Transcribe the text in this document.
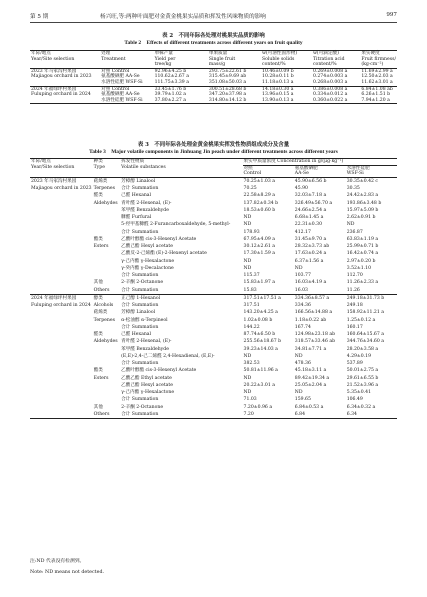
第 5 期	杨兴旺,等:两种叶面肥对金黄金桃果实品质和挥发性风味物质的影响	997
表 2　不同年际各处理对桃果实品质的影响
Table 2　Effects of different treatments across different years on fruit quality
年际/地点	处理	单株产量	单果质量	w(可溶性固形物)	w(可滴定酸)	果实硬度
Year/Site selection	Treatment	Yield per	Single fruit	Soluble solids	Titration acid	Fruit firmness/
		tree/kg	mass/g	content/%	content/%	(kg·cm⁻²)
2023 年马家沟村果园	对照 Control	92.96±4.25 b	293.75±22.61 b	10.46±0.09 b	0.269±0.008 a	11.69±2.99 a
Majiagou orchard in 2023	氨基酸硒肥 AA-Se	110.62±2.67 a	315.45±9.69 ab	10.28±0.11 b	0.274±0.003 a	12.50±2.03 a
	水溶性硅肥 WSF-Si	111.75±3.39 a	351.08±50.03 a	11.18±0.13 a	0.268±0.003 a	11.62±3.01 a
2024 年福绿坪村果园	对照 Control	33.45±1.76 b	300.51±28.68 b	14.18±0.30 a	0.386±0.008 a	6.84±1.08 ab
Fuluping orchard in 2024	氨基酸硒肥 AA-Se	39.79±1.02 a	347.20±37.98 a	13.96±0.15 a	0.334±0.012 a	6.26±1.51 b
	水溶性硅肥 WSF-Si	37.80±2.27 a	314.80±14.12 b	13.90±0.13 a	0.360±0.022 a	7.94±1.20 a
表 3　不同年际各处理金黄金桃果实挥发性物质组成成分及含量
Table 3　Major volatile components in Jinhuang Jin peach under different treatments across different years
年际/地点	种类	挥发性物质	果实中质量浓度 Concentration in g/(μg·kg⁻¹)		
Year/Site selection	Type	Volatile substances	对照	氨基酸硒肥	水溶性硅肥
			Control	AA-Se	WSF-Si
2023 年马家沟村果园	萜烯类	芳樟醇 Linalool	70.25±1.03 a	45.90±6.56 b	30.35±0.42 c
Majiagou orchard in 2023	Terpenes	合计 Summation	70.25	45.90	30.35
	醛类	己醛 Hexanal	22.58±8.29 a	32.03±7.18 a	24.42±2.83 a
	Aldehydes	青叶醛 2-Hexenal, (E)-	137.82±0.34 b	326.49±56.70 a	193.86±3.48 b
		苯甲醛 Benzaldehyde	18.53±0.60 b	24.66±2.54 a	15.97±5.09 b
		糠醛 Furfural	ND	6.68±1.45 a	2.62±0.91 b
		5-羟甲基糠醛 2-Furancarboxaldehyde, 5-methyl-	ND	22.31±0.30	ND
		合计 Summation	178.93	412.17	236.87
	酯类	乙酸叶醇酯 cis-3-Hexenyl Acetate	67.95±4.09 a	31.45±9.70 a	63.83±1.19 a
	Esters	乙酸己酯 Hexyl acetate	30.12±2.61 a	28.32±3.73 ab	25.99±0.71 b
		乙酸反-2-己烯酯 (E)-2-Hexenyl acetate	17.30±1.59 a	17.63±0.24 a	16.42±0.74 a
		γ-己内酯 γ-Hexalactone	ND	6.37±1.56 a	2.97±0.20 b
		γ-癸内酯 γ-Decalactone	ND	ND	3.52±1.10
		合计 Summation	115.37	103.77	112.70
	其他	2-辛酮 2-Octanone	15.83±1.97 a	16.03±4.19 a	11.26±2.33 a
	Others	合计 Summation	15.83	16.03	11.26
2024 年福绿坪村果园	醇类	正己醇 1-Hexanol	317.51±17.51 a	334.36±8.57 a	249.18±31.73 b
Fuluping orchard in 2024	Alcohols	合计 Summation	317.51	334.36	249.18
	萜烯类	芳樟醇 Linalool	143.20±4.25 a	166.56±14.88 a	158.92±11.21 a
	Terpenes	α-松油醇 α-Terpineol	1.02±0.08 b	1.18±0.22 ab	1.25±0.12 a
		合计 Summation	144.22	167.74	160.17
	醛类	己醛 Hexanal	87.74±6.50 b	124.98±23.18 ab	160.64±15.67 a
	Aldehydes	青叶醛 2-Hexenal, (E)-	255.56±18.67 b	318.57±33.46 ab	344.76±34.60 a
		苯甲醛 Benzaldehyde	39.23±14.03 a	34.81±7.71 a	28.20±3.58 a
		(E,E)-2,4-己二烯醛 2,4-Hexadienal, (E,E)-	ND	ND	4.29±0.19
		合计 Summation	382.53	478.36	537.89
	酯类	乙酸叶醇酯 cis-3-Hexenyl Acetate	50.81±11.96 a	45.18±3.11 a	50.01±2.75 a
	Esters	乙酸乙酯 Ethyl acetate	ND	89.42±19.34 a	29.61±6.55 b
		乙酸己酯 Hexyl acetate	20.22±3.01 a	25.05±2.04 a	21.52±3.96 a
		γ-己内酯 γ-Hexalactone	ND	ND	5.35±0.41
		合计 Summation	71.03	159.65	106.49
	其他	2-辛酮 2-Octanone	7.20±0.96 a	6.84±0.53 a	6.34±0.32 a
	Others	合计 Summation	7.20	6.84	6.34
注:ND 代表没有检测到。
Note: ND means not detected.
